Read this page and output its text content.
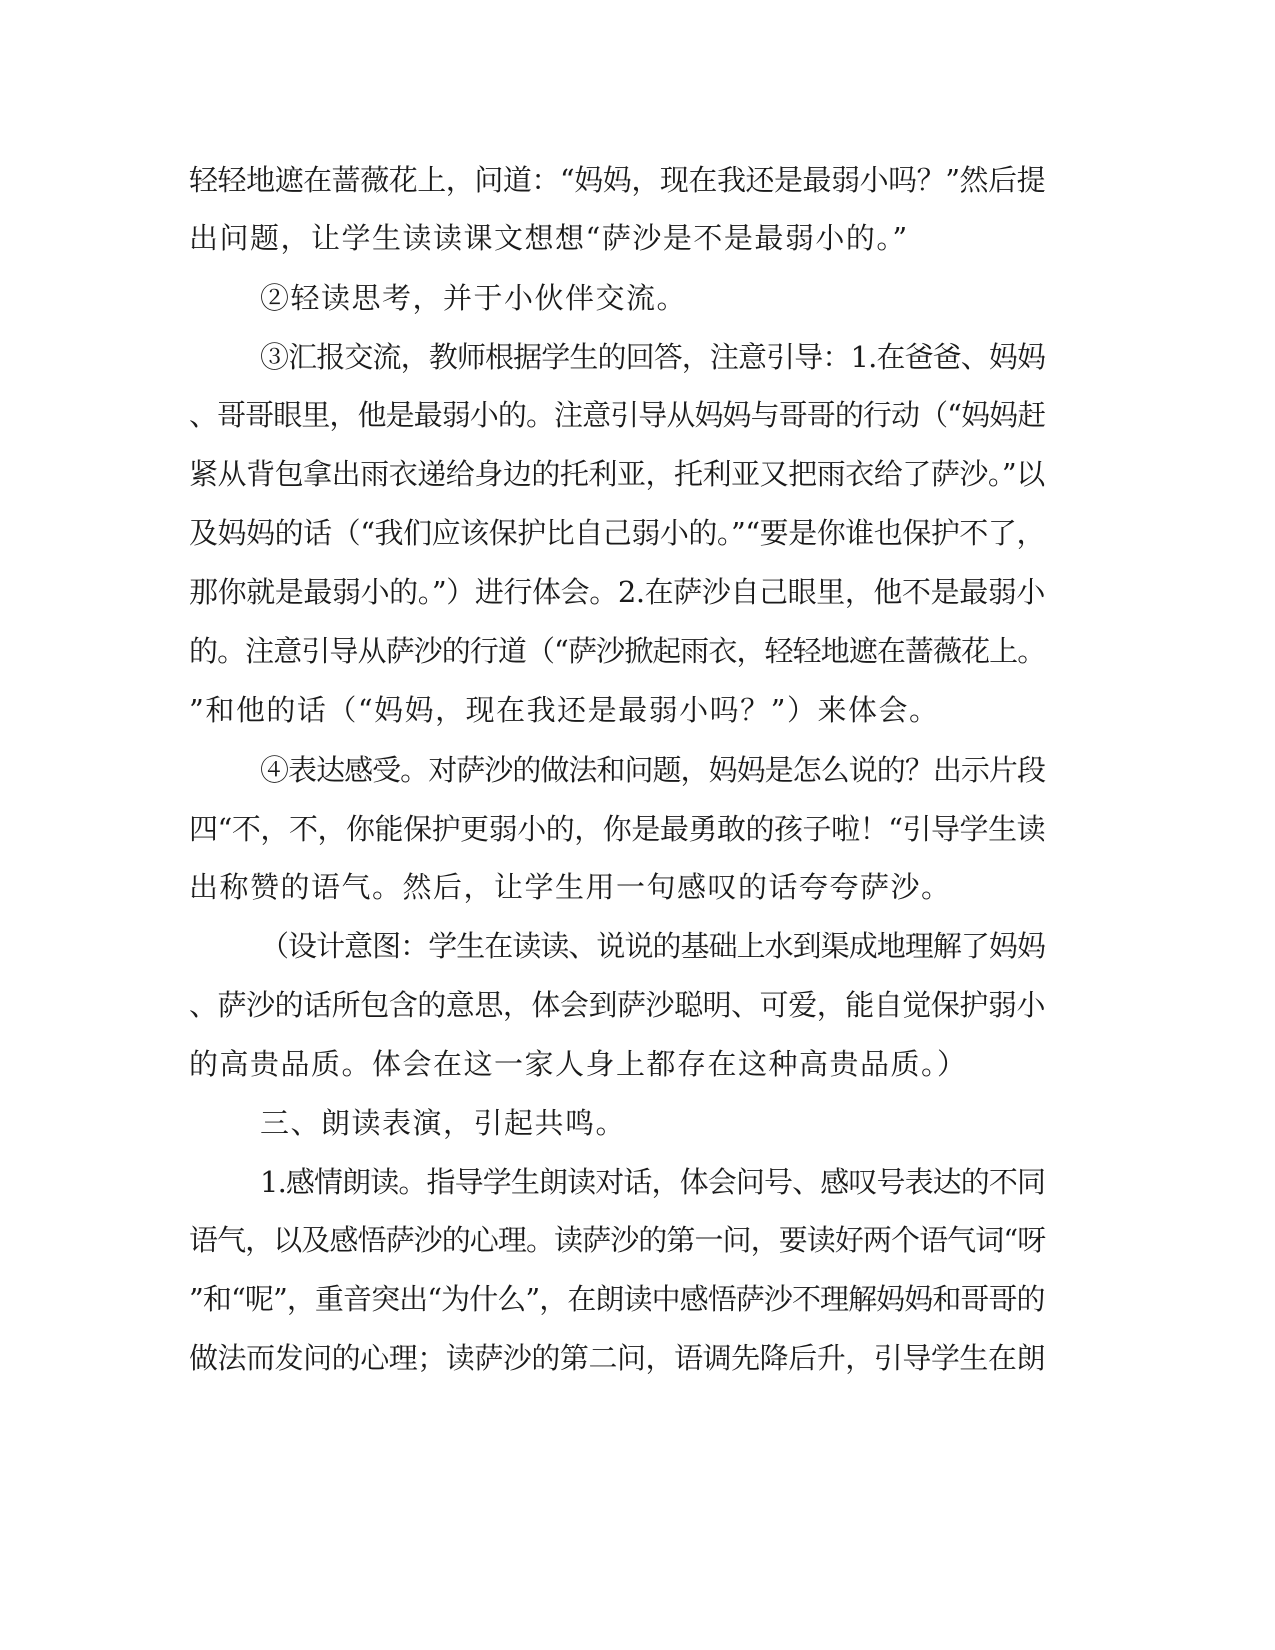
轻轻地遮在蔷薇花上，问道：“妈妈，现在我还是最弱小吗？”然后提
出问题，让学生读读课文想想“萨沙是不是最弱小的。”
②轻读思考，并于小伙伴交流。
③汇报交流，教师根据学生的回答，注意引导：1.在爸爸、妈妈
、哥哥眼里，他是最弱小的。注意引导从妈妈与哥哥的行动（“妈妈赶
紧从背包拿出雨衣递给身边的托利亚，托利亚又把雨衣给了萨沙。”以
及妈妈的话（“我们应该保护比自己弱小的。”“要是你谁也保护不了，
那你就是最弱小的。”）进行体会。2.在萨沙自己眼里，他不是最弱小
的。注意引导从萨沙的行道（“萨沙掀起雨衣，轻轻地遮在蔷薇花上。
”和他的话（“妈妈，现在我还是最弱小吗？”）来体会。
④表达感受。对萨沙的做法和问题，妈妈是怎么说的？出示片段
四“不，不，你能保护更弱小的，你是最勇敢的孩子啦！“引导学生读
出称赞的语气。然后，让学生用一句感叹的话夸夸萨沙。
（设计意图：学生在读读、说说的基础上水到渠成地理解了妈妈
、萨沙的话所包含的意思，体会到萨沙聪明、可爱，能自觉保护弱小
的高贵品质。体会在这一家人身上都存在这种高贵品质。）
三、朗读表演，引起共鸣。
1.感情朗读。指导学生朗读对话，体会问号、感叹号表达的不同
语气，以及感悟萨沙的心理。读萨沙的第一问，要读好两个语气词“呀
”和“呢”，重音突出“为什么”，在朗读中感悟萨沙不理解妈妈和哥哥的
做法而发问的心理；读萨沙的第二问，语调先降后升，引导学生在朗
